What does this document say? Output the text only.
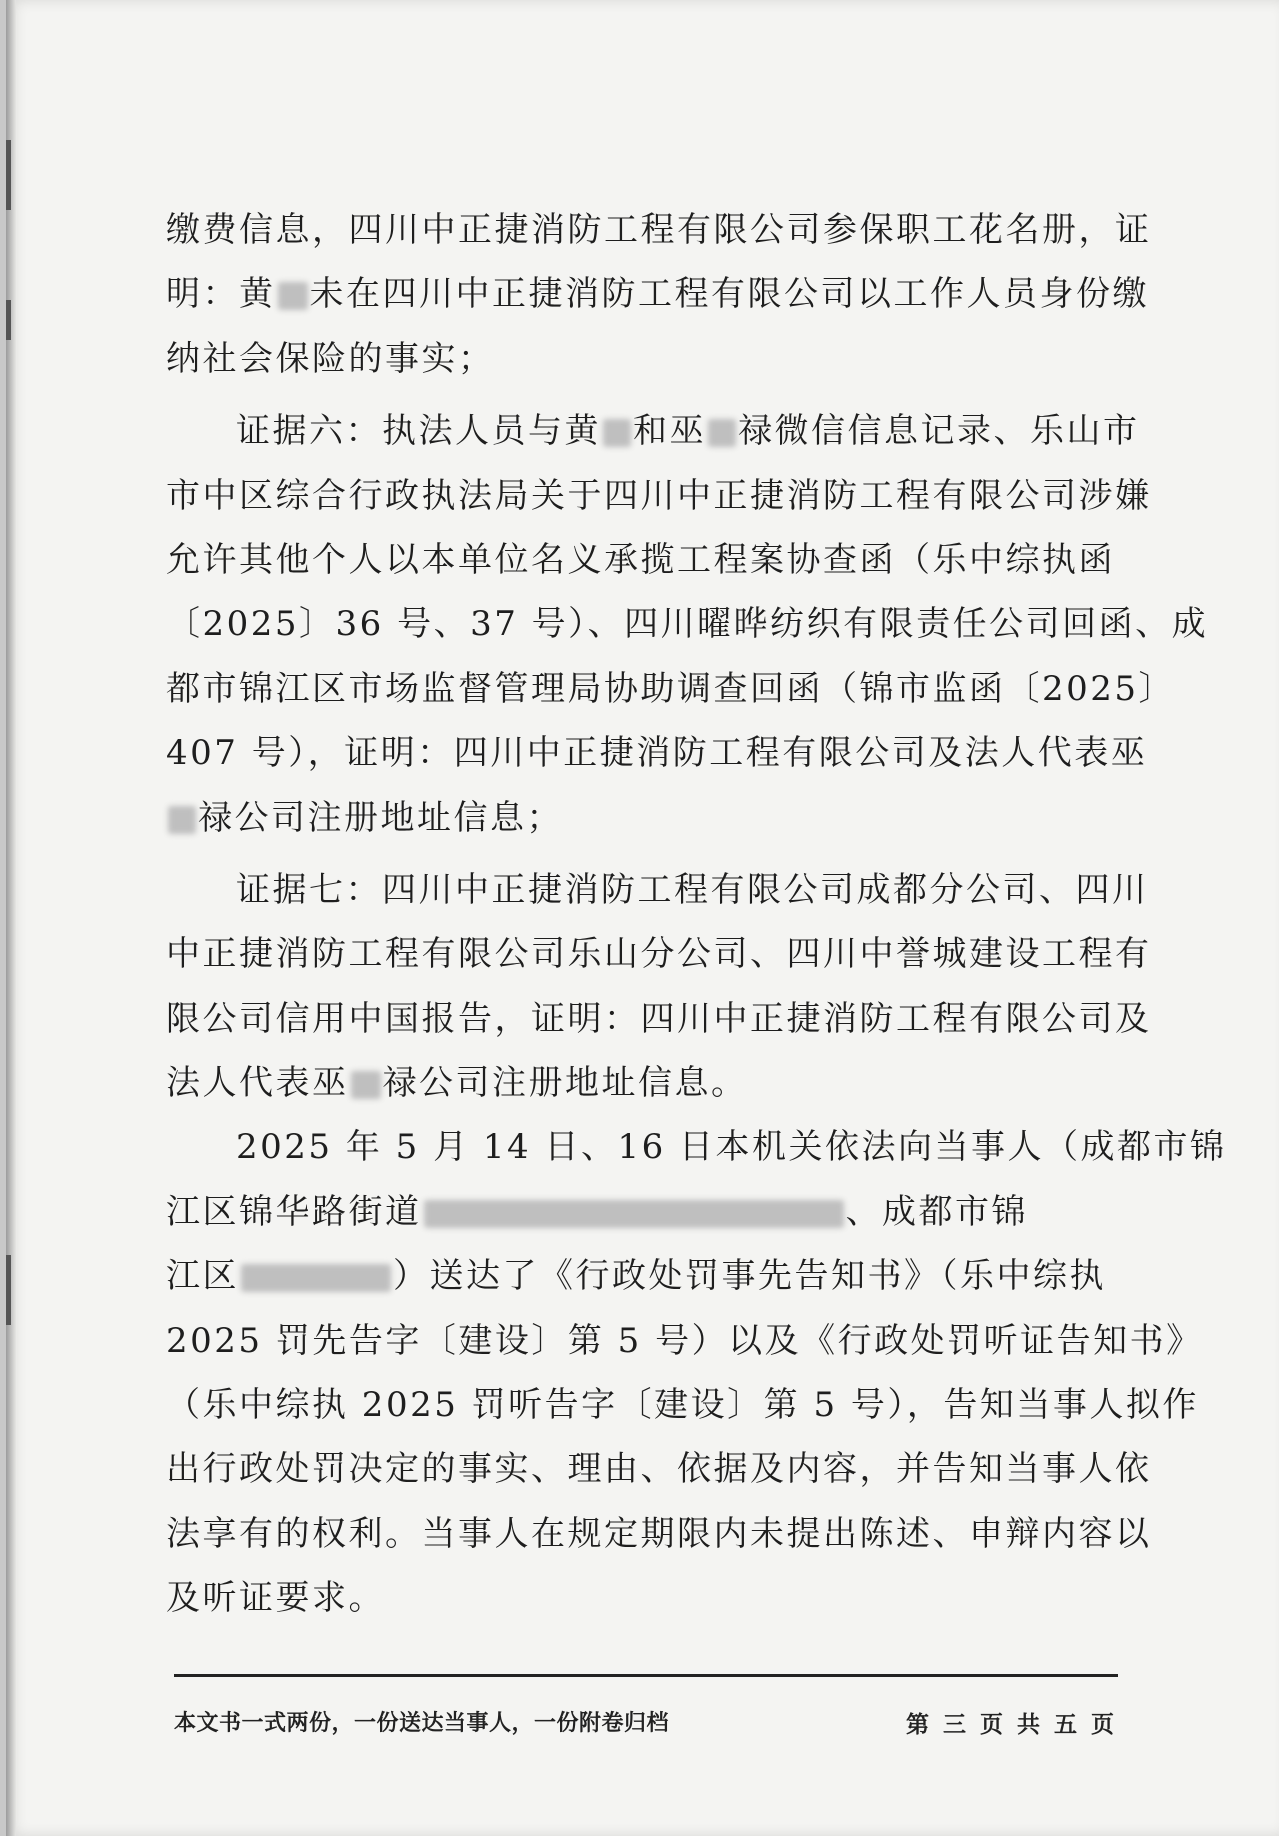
缴费信息，四川中正捷消防工程有限公司参保职工花名册，证
明：黄 未在四川中正捷消防工程有限公司以工作人员身份缴
纳社会保险的事实；
证据六：执法人员与黄 和巫 禄微信信息记录、乐山市
市中区综合行政执法局关于四川中正捷消防工程有限公司涉嫌
允许其他个人以本单位名义承揽工程案协查函（乐中综执函
〔2025〕36 号、37 号）、四川曜晔纺织有限责任公司回函、成
都市锦江区市场监督管理局协助调查回函（锦市监函〔2025〕
407 号），证明：四川中正捷消防工程有限公司及法人代表巫
禄公司注册地址信息；
证据七：四川中正捷消防工程有限公司成都分公司、四川
中正捷消防工程有限公司乐山分公司、四川中誉城建设工程有
限公司信用中国报告，证明：四川中正捷消防工程有限公司及
法人代表巫 禄公司注册地址信息。
2025 年 5 月 14 日、16 日本机关依法向当事人（成都市锦
江区锦华路街道	、成都市锦
江区	）送达了《行政处罚事先告知书》（乐中综执
2025 罚先告字〔建设〕第 5 号）以及《行政处罚听证告知书》
（乐中综执 2025 罚听告字〔建设〕第 5 号），告知当事人拟作
出行政处罚决定的事实、理由、依据及内容，并告知当事人依
法享有的权利。当事人在规定期限内未提出陈述、申辩内容以
及听证要求。
本文书一式两份，一份送达当事人，一份附卷归档	第 三 页 共 五 页
